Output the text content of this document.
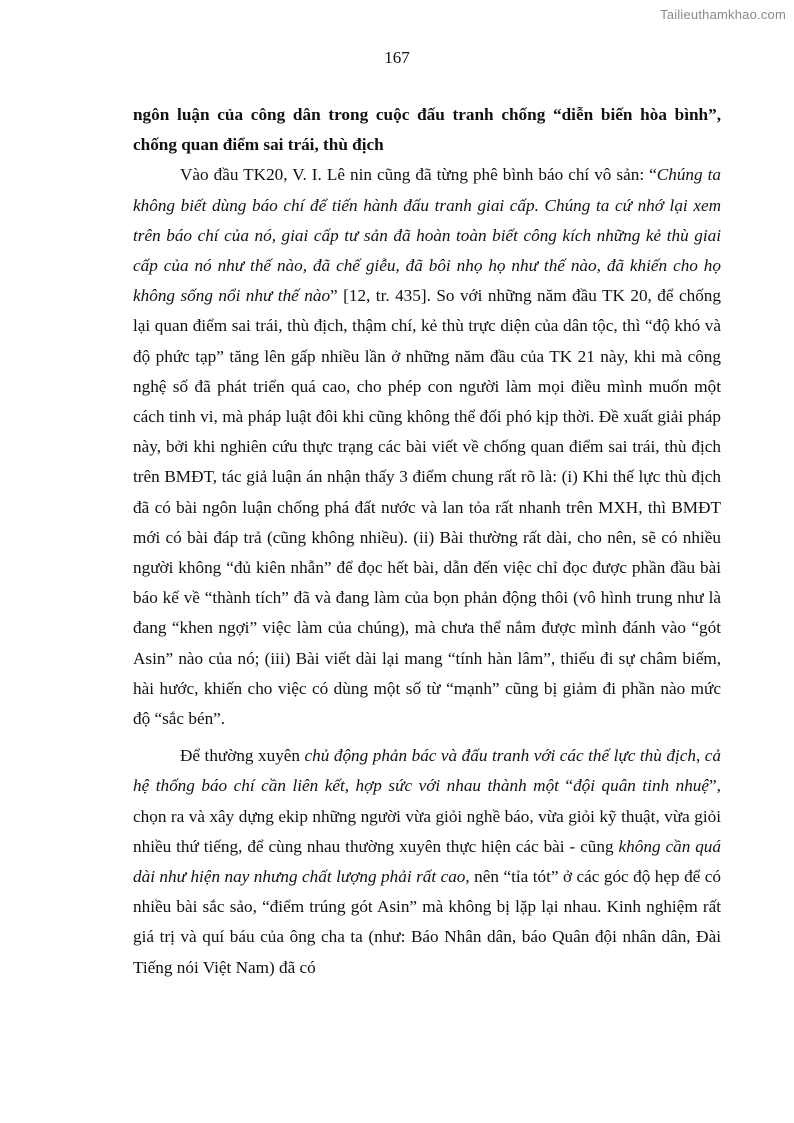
Tailieuthamkhao.com
167

ngôn luận của công dân trong cuộc đấu tranh chống “diễn biến hòa bình”, chống quan điểm sai trái, thù địch

Vào đầu TK20, V. I. Lê nin cũng đã từng phê bình báo chí vô sản: “Chúng ta không biết dùng báo chí để tiến hành đấu tranh giai cấp. Chúng ta cứ nhớ lại xem trên báo chí của nó, giai cấp tư sản đã hoàn toàn biết công kích những kẻ thù giai cấp của nó như thế nào, đã chế giễu, đã bôi nhọ họ như thế nào, đã khiến cho họ không sống nổi như thế nào” [12, tr. 435]. So với những năm đầu TK 20, để chống lại quan điểm sai trái, thù địch, thậm chí, kẻ thù trực diện của dân tộc, thì “độ khó và độ phức tạp” tăng lên gấp nhiều lần ở những năm đầu của TK 21 này, khi mà công nghệ số đã phát triển quá cao, cho phép con người làm mọi điều mình muốn một cách tinh vi, mà pháp luật đôi khi cũng không thể đối phó kịp thời. Đề xuất giải pháp này, bởi khi nghiên cứu thực trạng các bài viết về chống quan điểm sai trái, thù địch trên BMĐT, tác giả luận án nhận thấy 3 điểm chung rất rõ là: (i) Khi thế lực thù địch đã có bài ngôn luận chống phá đất nước và lan tỏa rất nhanh trên MXH, thì BMĐT mới có bài đáp trả (cũng không nhiều). (ii) Bài thường rất dài, cho nên, sẽ có nhiều người không “đủ kiên nhẫn” để đọc hết bài, dẫn đến việc chỉ đọc được phần đầu bài báo kể về “thành tích” đã và đang làm của bọn phản động thôi (vô hình trung như là đang “khen ngợi” việc làm của chúng), mà chưa thể nắm được mình đánh vào “gót Asin” nào của nó; (iii) Bài viết dài lại mang “tính hàn lâm”, thiếu đi sự châm biếm, hài hước, khiến cho việc có dùng một số từ “mạnh” cũng bị giảm đi phần nào mức độ “sắc bén”.

Để thường xuyên chủ động phản bác và đấu tranh với các thế lực thù địch, cả hệ thống báo chí cần liên kết, hợp sức với nhau thành một “đội quân tinh nhuệ”, chọn ra và xây dựng ekip những người vừa giỏi nghề báo, vừa giỏi kỹ thuật, vừa giỏi nhiều thứ tiếng, để cùng nhau thường xuyên thực hiện các bài - cũng không cần quá dài như hiện nay nhưng chất lượng phải rất cao, nên “tỉa tót” ở các góc độ hẹp để có nhiều bài sắc sảo, “điểm trúng gót Asin” mà không bị lặp lại nhau. Kinh nghiệm rất giá trị và quí báu của ông cha ta (như: Báo Nhân dân, báo Quân đội nhân dân, Đài Tiếng nói Việt Nam) đã có
